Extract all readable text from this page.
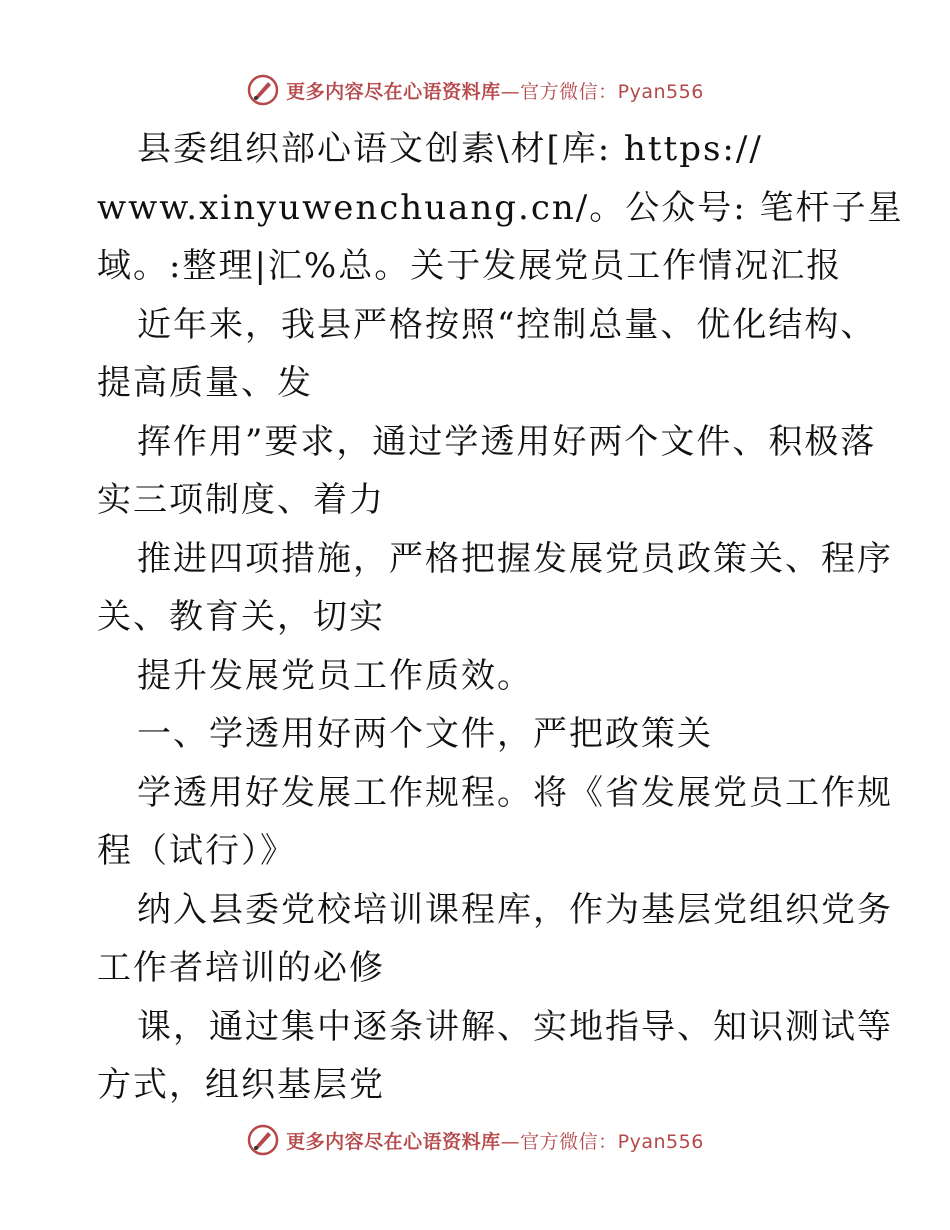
更多内容尽在心语资料库—官方微信：Pyan556
县委组织部心语文创素\材[库: https://
www.xinyuwenchuang.cn/。公众号: 笔杆子星
域。:整理|汇%总。关于发展党员工作情况汇报
近年来，我县严格按照“控制总量、优化结构、
提高质量、发
挥作用”要求，通过学透用好两个文件、积极落
实三项制度、着力
推进四项措施，严格把握发展党员政策关、程序
关、教育关，切实
提升发展党员工作质效。
一、学透用好两个文件，严把政策关
学透用好发展工作规程。将《省发展党员工作规
程（试行）》
纳入县委党校培训课程库，作为基层党组织党务
工作者培训的必修
课，通过集中逐条讲解、实地指导、知识测试等
方式，组织基层党
更多内容尽在心语资料库—官方微信：Pyan556
